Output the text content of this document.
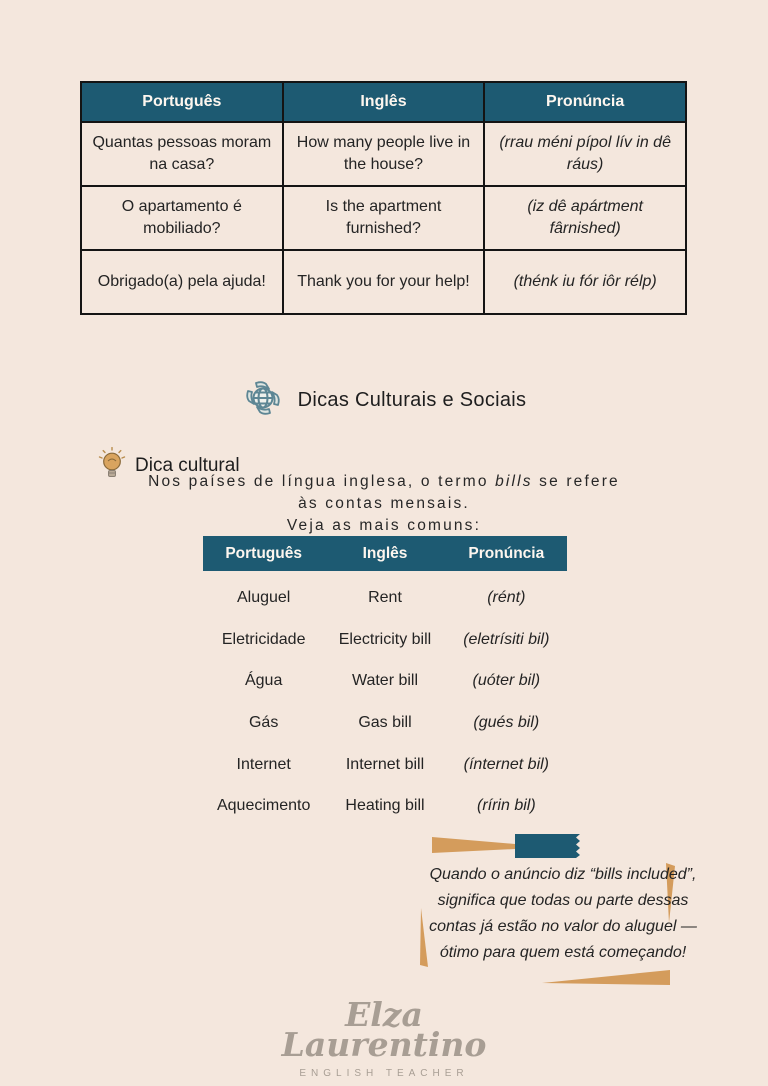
Português	Inglês	Pronúncia
Quantas pessoas moram na casa?	How many people live in the house?	(rrau méni pípol lív in dê ráus)
O apartamento é mobiliado?	Is the apartment furnished?	(iz dê apártment fârnished)
Obrigado(a) pela ajuda!	Thank you for your help!	(thénk iu fór iôr rélp)
Dicas Culturais e Sociais
Dica cultural

Nos países de língua inglesa, o termo bills se refere às contas mensais.
Veja as mais comuns:

Português	Inglês	Pronúncia
Aluguel	Rent	(rént)
Eletricidade	Electricity bill	(eletrísiti bil)
Água	Water bill	(uóter bil)
Gás	Gas bill	(gués bil)
Internet	Internet bill	(ínternet bil)
Aquecimento	Heating bill	(rírin bil)
Quando o anúncio diz “bills included”, significa que todas ou parte dessas contas já estão no valor do aluguel — ótimo para quem está começando!
Elza
Laurentino
ENGLISH TEACHER
